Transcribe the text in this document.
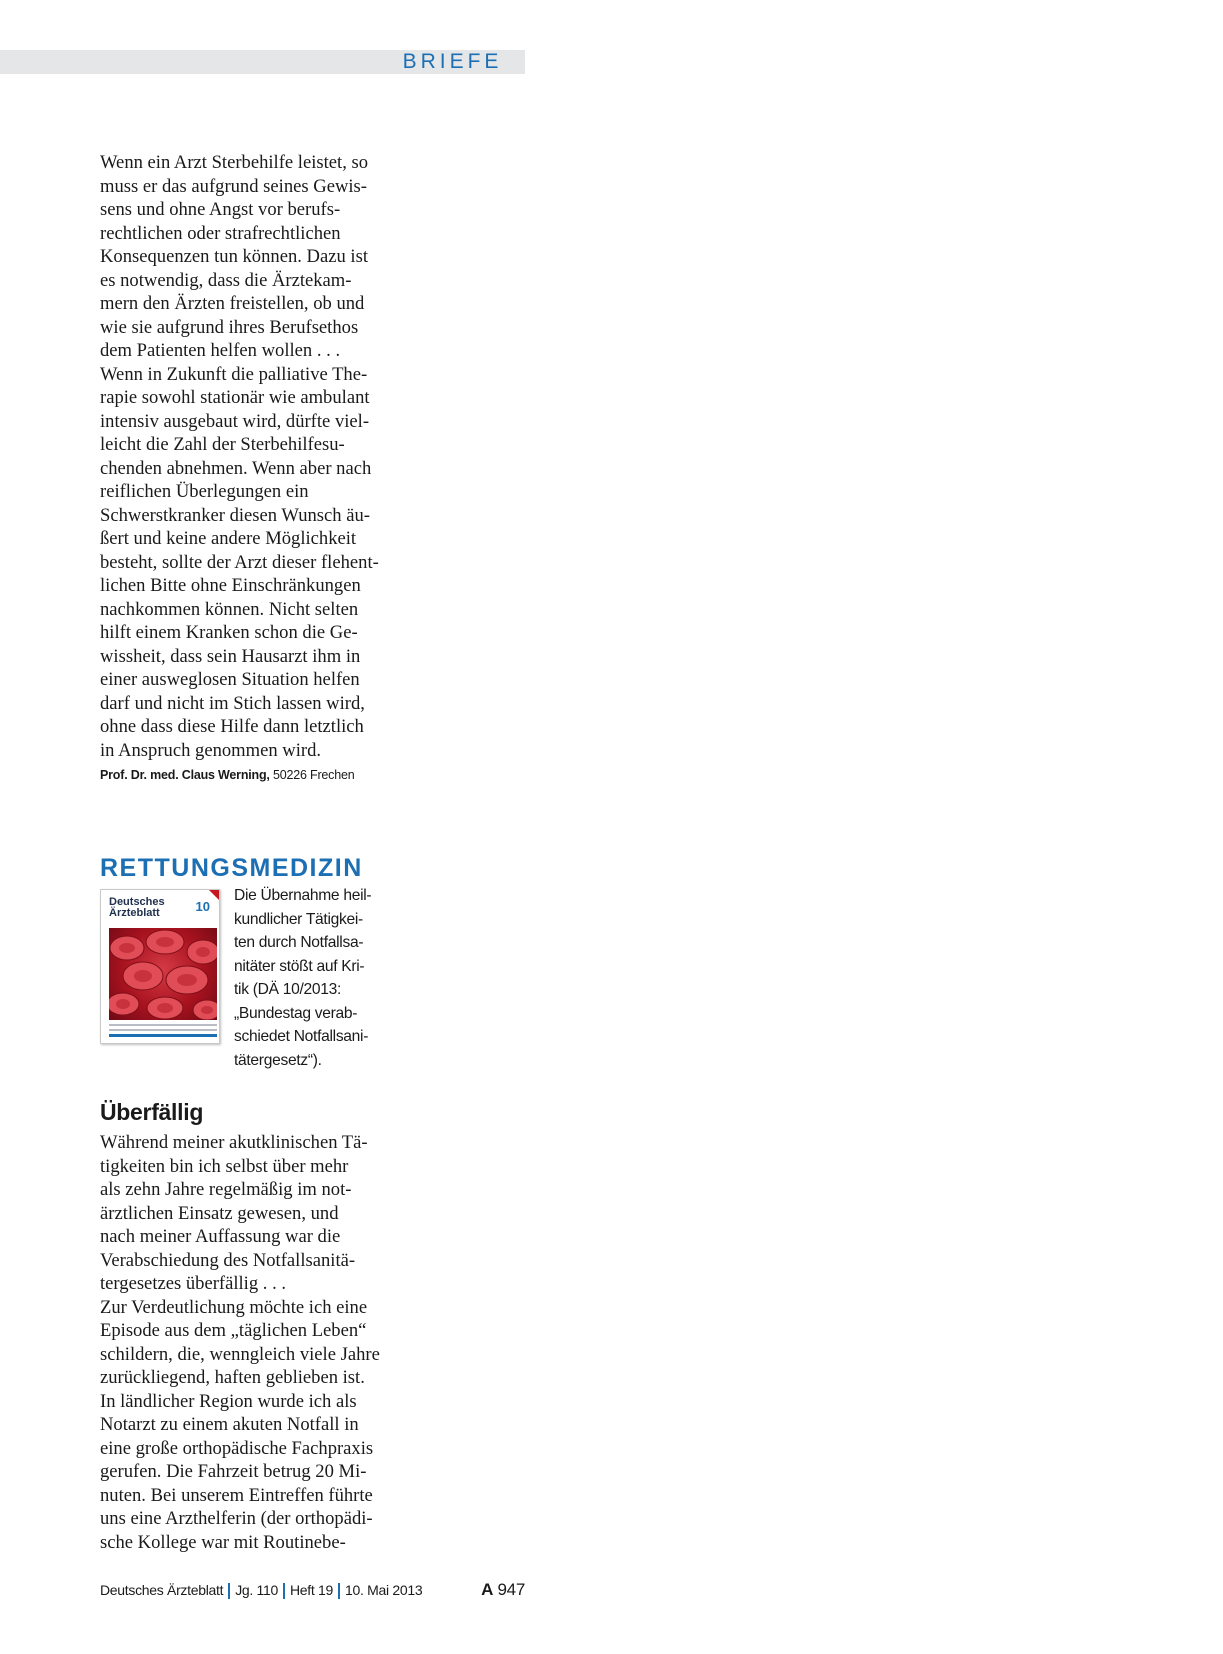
BRIEFE

Wenn ein Arzt Sterbehilfe leistet, so
muss er das aufgrund seines Gewis-
sens und ohne Angst vor berufs-
rechtlichen oder strafrechtlichen
Konsequenzen tun können. Dazu ist
es notwendig, dass die Ärztekam-
mern den Ärzten freistellen, ob und
wie sie aufgrund ihres Berufsethos
dem Patienten helfen wollen . . .
Wenn in Zukunft die palliative The-
rapie sowohl stationär wie ambulant
intensiv ausgebaut wird, dürfte viel-
leicht die Zahl der Sterbehilfesu-
chenden abnehmen. Wenn aber nach
reiflichen Überlegungen ein
Schwerstkranker diesen Wunsch äu-
ßert und keine andere Möglichkeit
besteht, sollte der Arzt dieser flehent-
lichen Bitte ohne Einschränkungen
nachkommen können. Nicht selten
hilft einem Kranken schon die Ge-
wissheit, dass sein Hausarzt ihm in
einer ausweglosen Situation helfen
darf und nicht im Stich lassen wird,
ohne dass diese Hilfe dann letztlich
in Anspruch genommen wird.

Prof. Dr. med. Claus Werning, 50226 Frechen
RETTUNGSMEDIZIN
Deutsches
Ärzteblatt	10

Die Übernahme heil-
kundlicher Tätigkei-
ten durch Notfallsa-
nitäter stößt auf Kri-
tik (DÄ 10/2013:
„Bundestag verab-
schiedet Notfallsani-
tätergesetz“).

Überfällig

Während meiner akutklinischen Tä-
tigkeiten bin ich selbst über mehr
als zehn Jahre regelmäßig im not-
ärztlichen Einsatz gewesen, und
nach meiner Auffassung war die
Verabschiedung des Notfallsanitä-
tergesetzes überfällig . . .
Zur Verdeutlichung möchte ich eine
Episode aus dem „täglichen Leben“
schildern, die, wenngleich viele Jahre
zurückliegend, haften geblieben ist.
In ländlicher Region wurde ich als
Notarzt zu einem akuten Notfall in
eine große orthopädische Fachpraxis
gerufen. Die Fahrzeit betrug 20 Mi-
nuten. Bei unserem Eintreffen führte
uns eine Arzthelferin (der orthopädi-
sche Kollege war mit Routinebe-

Deutsches Ärzteblatt Jg. 110 Heft 19 10. Mai 2013	A 947
